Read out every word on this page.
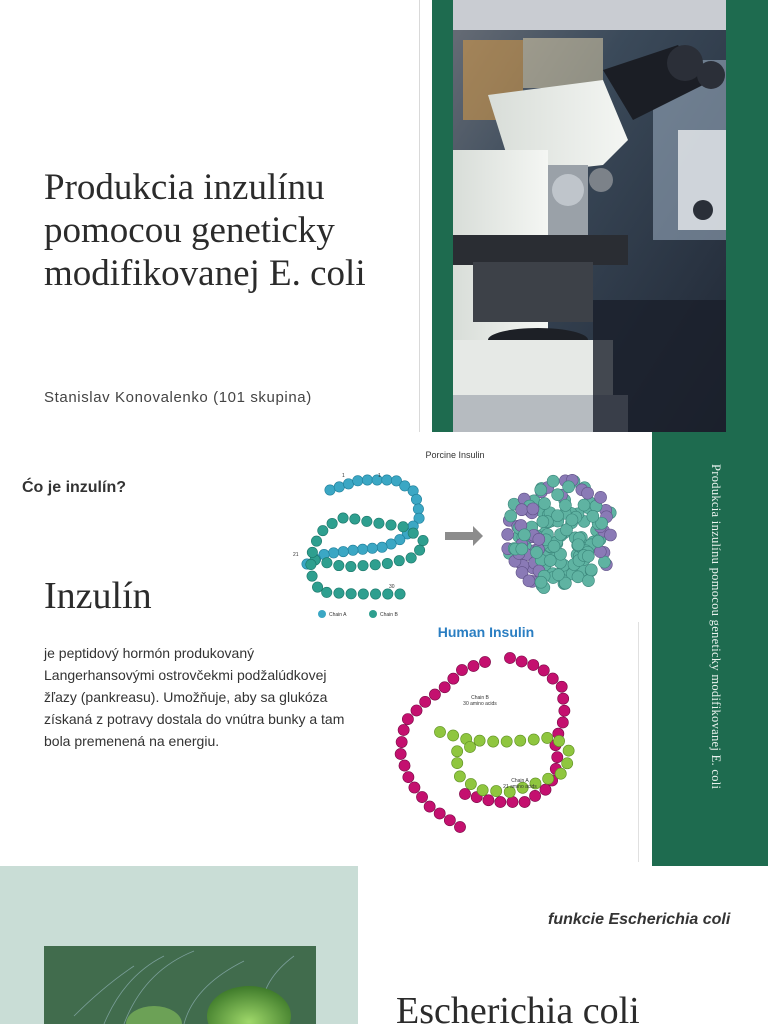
Produkcia inzulínu
pomocou geneticky
modifikovanej E. coli
Stanislav Konovalenko (101 skupina)
Ćo je inzulín?
Inzulín
je peptidový hormón produkovaný
Langerhansovými ostrovčekmi podžalúdkovej
žľazy (pankreasu). Umožňuje, aby sa glukóza
získaná z potravy dostala do vnútra bunky a tam
bola premenená na energiu.
Porcine Insulin
1	1
21
30
Chain A	Chain B
Human Insulin
Chain B
30 amino acids
Chain A
21 amino acids	Produkcia inzulínu pomocou geneticky modifikovanej E. coli
funkcie Escherichia coli
Escherichia coli
